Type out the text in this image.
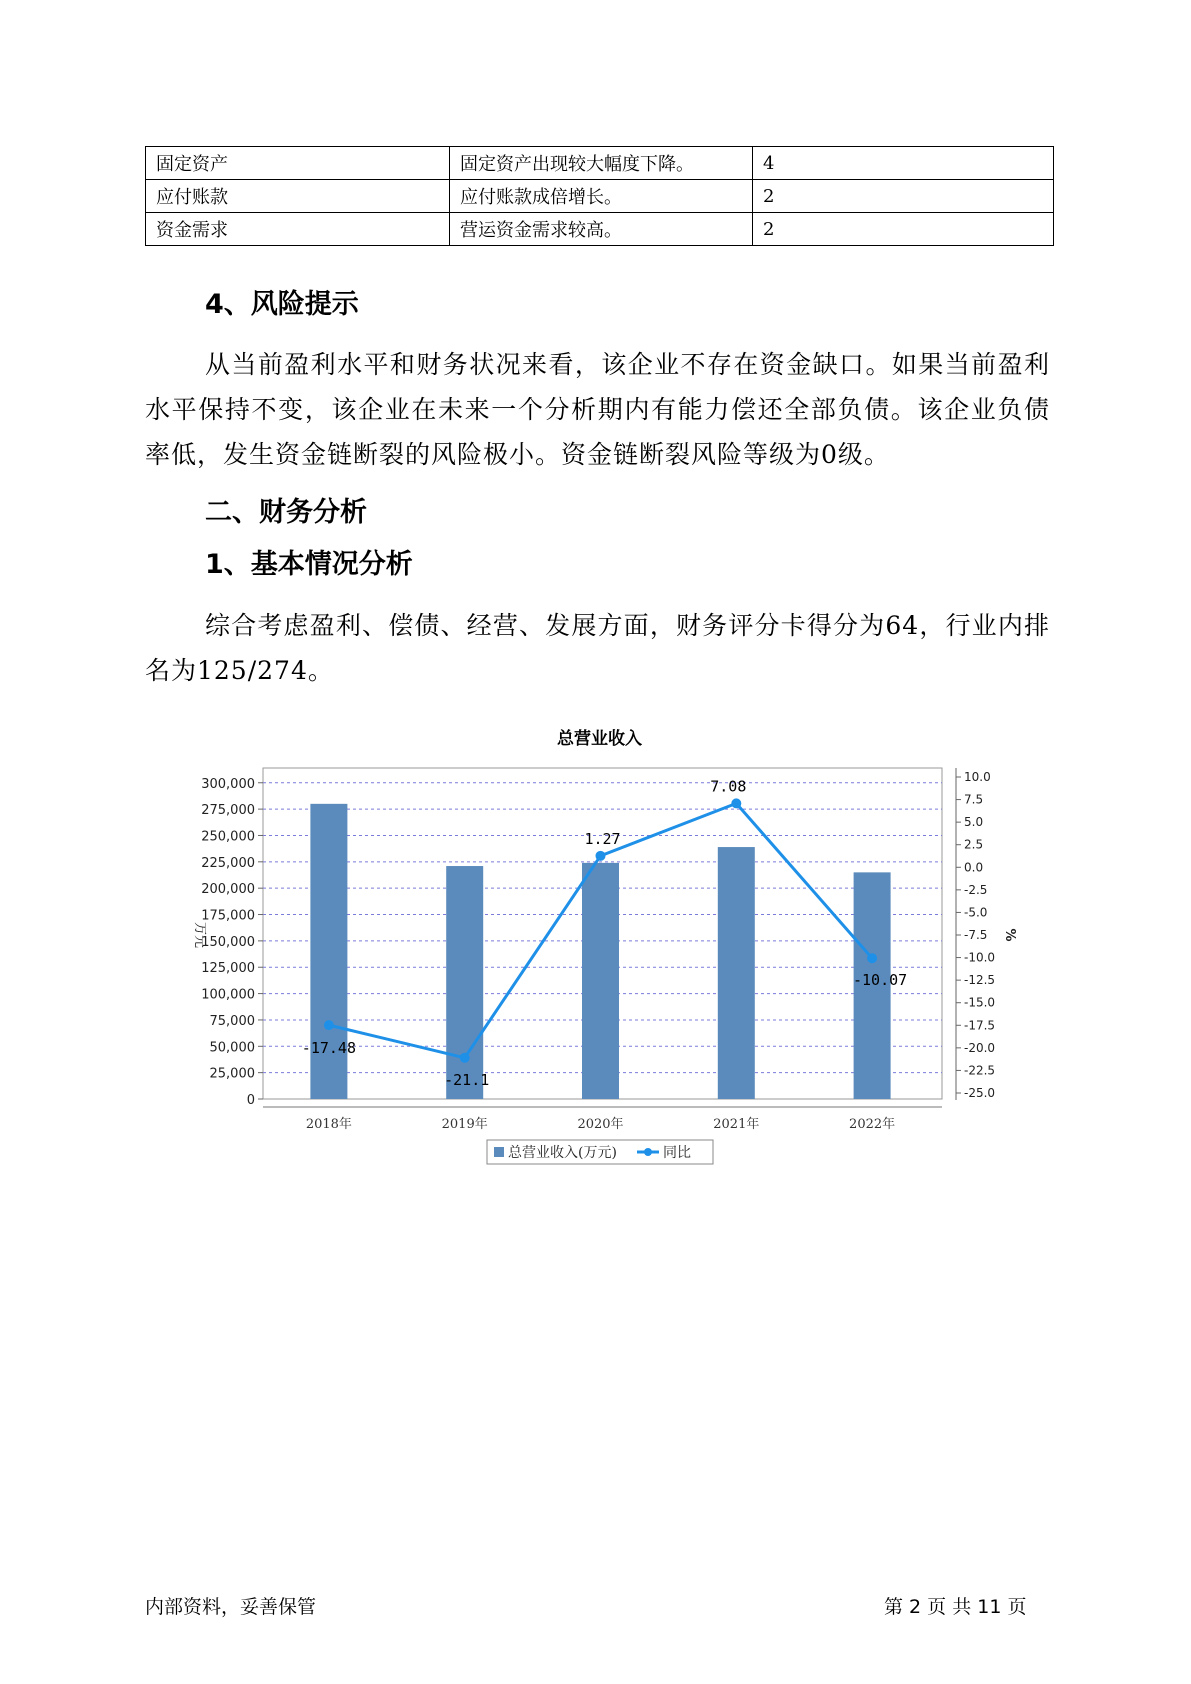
固定资产	固定资产出现较大幅度下降。	4
应付账款	应付账款成倍增长。	2
资金需求	营运资金需求较高。	2
4、风险提示
从当前盈利水平和财务状况来看，该企业不存在资金缺口。如果当前盈利水平保持不变，该企业在未来一个分析期内有能力偿还全部负债。该企业负债率低，发生资金链断裂的风险极小。资金链断裂风险等级为0级。
二、财务分析
1、基本情况分析
综合考虑盈利、偿债、经营、发展方面，财务评分卡得分为64，行业内排名为125/274。
总营业收入
0
25,000
50,000
75,000
100,000
125,000
150,000
175,000
200,000
225,000
250,000
275,000
300,000	10.0
7.5
5.0
2.5
0.0
-2.5
-5.0
-7.5
-10.0
-12.5
-15.0
-17.5
-20.0
-22.5
-25.0
万元	%
2018年	2019年	2020年	2021年	2022年
-17.48
-21.1
1.27
7.08
-10.07
总营业收入(万元)	同比
内部资料，妥善保管	第 2 页 共 11 页
